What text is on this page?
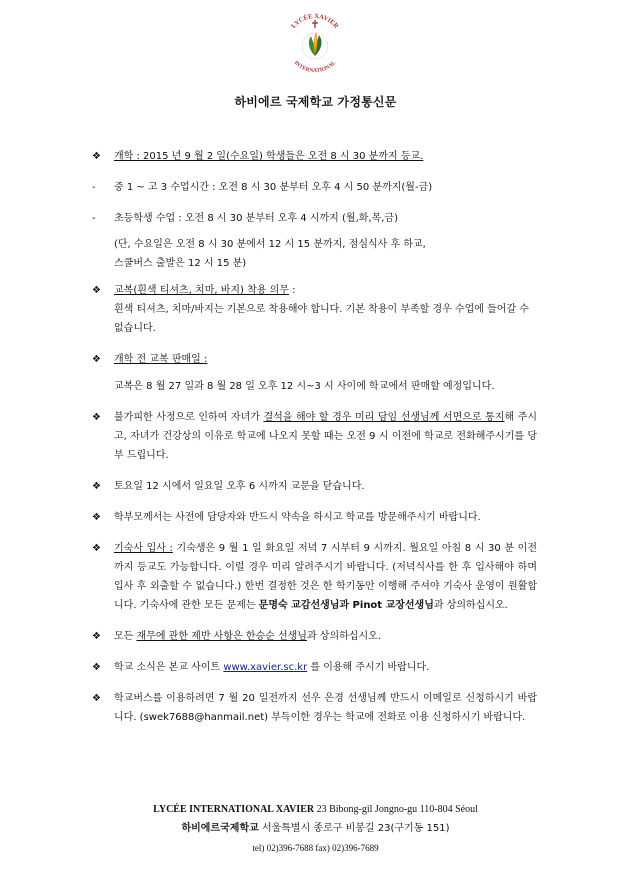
LYCÉE XAVIER
INTERNATIONAL
하비에르 국제학교 가정통신문
❖	개학 : 2015 년 9 월 2 일(수요일) 학생들은 오전 8 시 30 분까지 등교.
-	중 1 ~ 고 3 수업시간 : 오전 8 시 30 분부터 오후 4 시 50 분까지(월-금)
-	초등학생 수업 : 오전 8 시 30 분부터 오후 4 시까지 (월,화,목,금)
(단, 수요일은 오전 8 시 30 분에서 12 시 15 분까지, 점심식사 후 하교,
스쿨버스 출발은 12 시 15 분)
❖	교복(흰색 티셔츠, 치마, 바지) 착용 의무 :
흰색 티셔츠, 치마/바지는 기본으로 착용해야 합니다. 기본 착용이 부족할 경우 수업에 들어갈 수 없습니다.
❖	개학 전 교복 판매일 :
교복은 8 월 27 일과 8 월 28 일 오후 12 시~3 시 사이에 학교에서 판매할 예정입니다.
❖	불가피한 사정으로 인하여 자녀가 결석을 해야 할 경우 미리 담임 선생님께 서면으로 통지해 주시고, 자녀가 건강상의 이유로 학교에 나오지 못할 때는 오전 9 시 이전에 학교로 전화해주시기를 당부 드립니다.
❖	토요일 12 시에서 일요일 오후 6 시까지 교문을 닫습니다.
❖	학부모께서는 사전에 담당자와 반드시 약속을 하시고 학교를 방문해주시기 바랍니다.
❖	기숙사 입사 : 기숙생은 9 월 1 일 화요일 저녁 7 시부터 9 시까지. 월요일 아침 8 시 30 분 이전까지 등교도 가능합니다. 이럴 경우 미리 알려주시기 바랍니다. (저녁식사를 한 후 입사해야 하며 입사 후 외출할 수 없습니다.) 한번 결정한 것은 한 학기동안 이행해 주셔야 기숙사 운영이 원활합니다. 기숙사에 관한 모든 문제는 문명숙 교감선생님과 Pinot 교장선생님과 상의하십시오.
❖	모든 재무에 관한 제반 사항은 한승순 선생님과 상의하십시오.
❖	학교 소식은 본교 사이트 www.xavier.sc.kr 를 이용해 주시기 바랍니다.
❖	학교버스를 이용하려면 7 월 20 일전까지 선우 은경 선생님께 반드시 이메일로 신청하시기 바랍니다. (swek7688@hanmail.net) 부득이한 경우는 학교에 전화로 이용 신청하시기 바랍니다.
LYCÉE INTERNATIONAL XAVIER 23 Bibong-gil Jongno-gu 110-804 Séoul
하비에르국제학교 서울특별시 종로구 비봉길 23(구기동 151)
tel) 02)396-7688 fax) 02)396-7689
